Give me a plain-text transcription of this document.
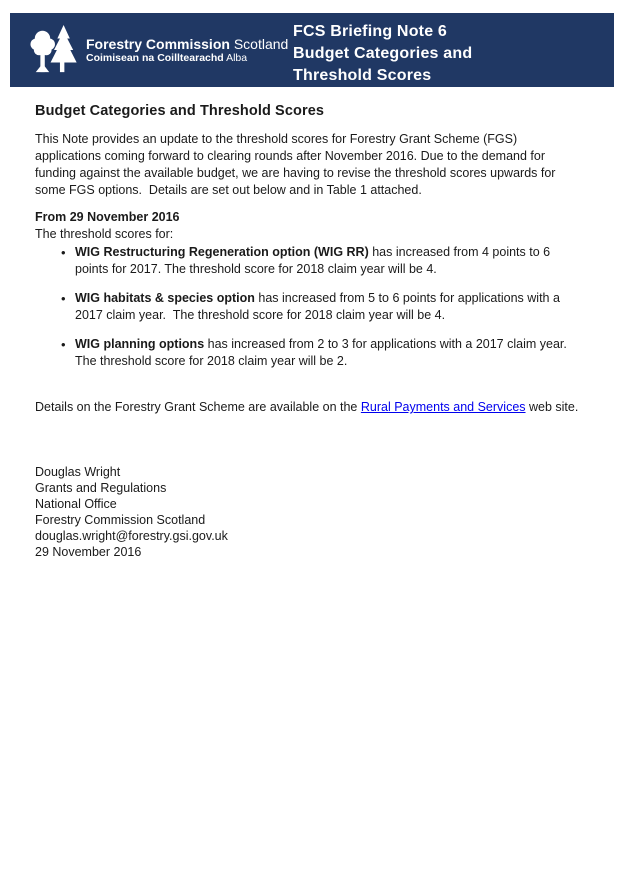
Forestry Commission Scotland
Coimisean na Coilltearachd Alba
FCS Briefing Note 6
Budget Categories and
Threshold Scores
Budget Categories and Threshold Scores

This Note provides an update to the threshold scores for Forestry Grant Scheme (FGS) applications coming forward to clearing rounds after November 2016. Due to the demand for funding against the available budget, we are having to revise the threshold scores upwards for some FGS options.  Details are set out below and in Table 1 attached.

From 29 November 2016
The threshold scores for:
• WIG Restructuring Regeneration option (WIG RR) has increased from 4 points to 6 points for 2017. The threshold score for 2018 claim year will be 4.
• WIG habitats & species option has increased from 5 to 6 points for applications with a 2017 claim year.  The threshold score for 2018 claim year will be 4.
• WIG planning options has increased from 2 to 3 for applications with a 2017 claim year. The threshold score for 2018 claim year will be 2.

Details on the Forestry Grant Scheme are available on the Rural Payments and Services web site.

Douglas Wright
Grants and Regulations
National Office
Forestry Commission Scotland
douglas.wright@forestry.gsi.gov.uk
29 November 2016
